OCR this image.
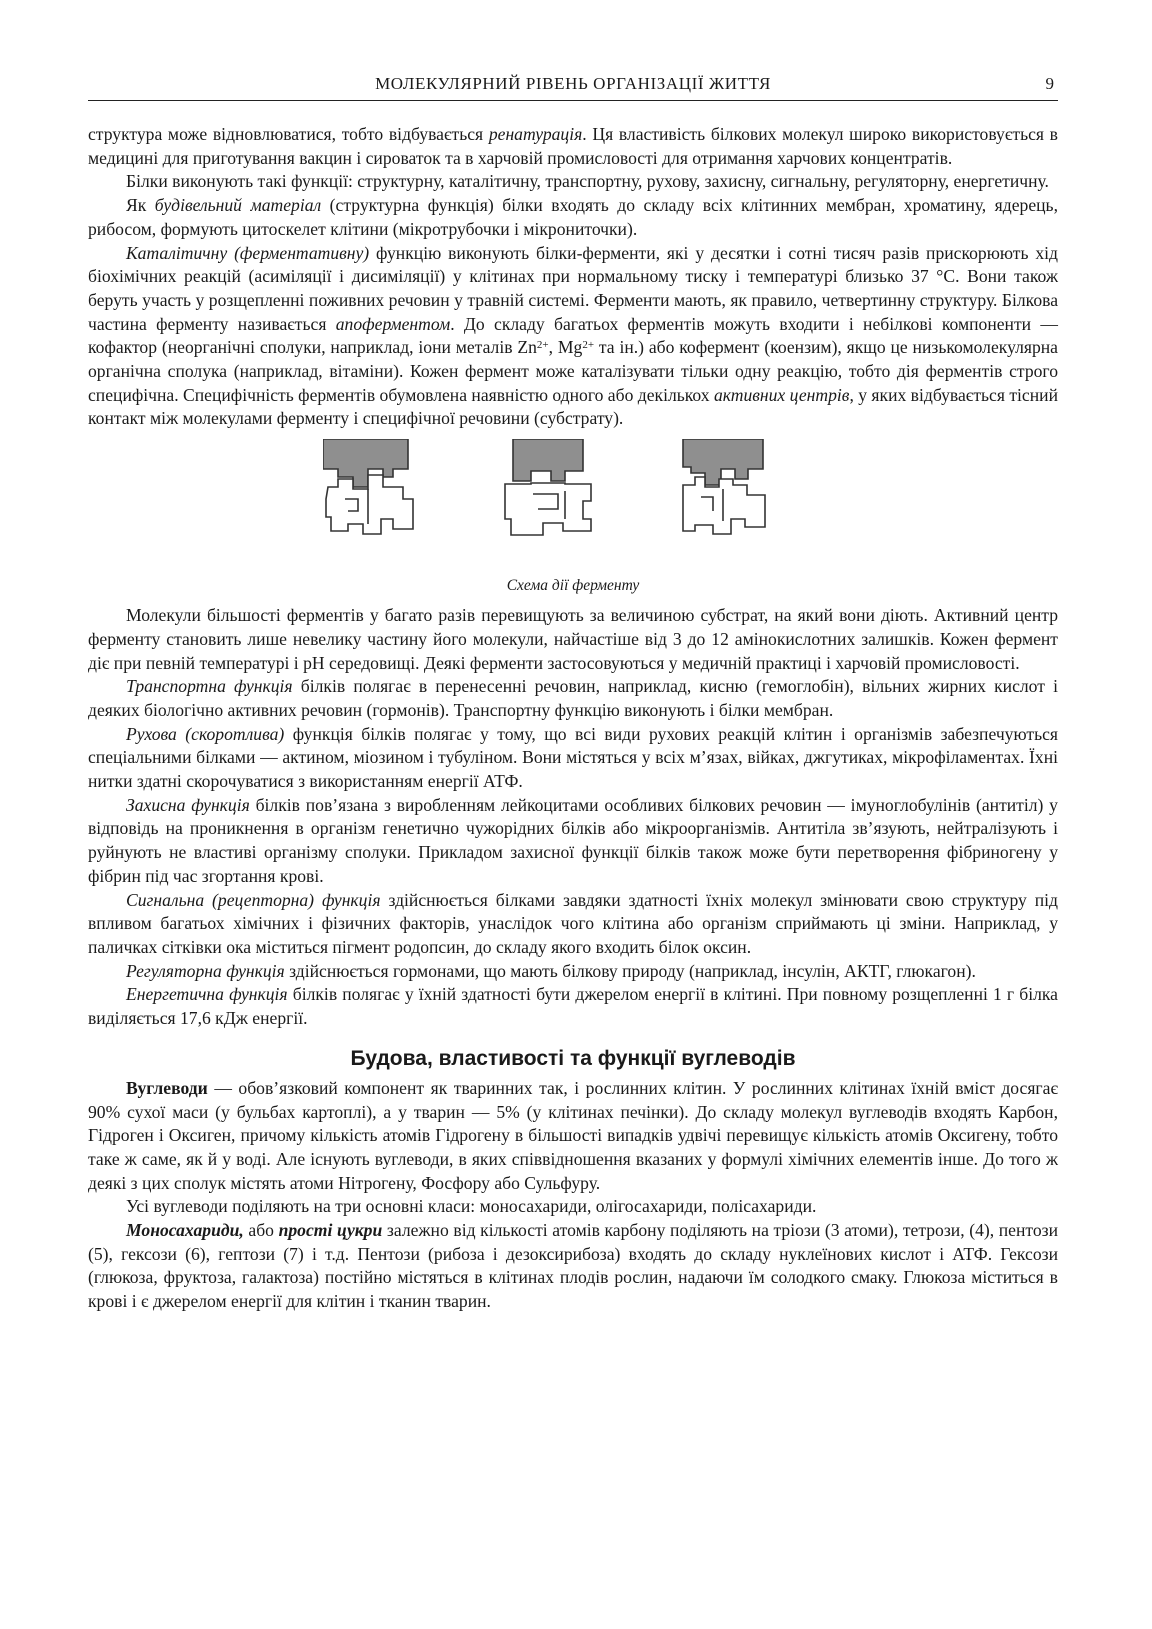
МОЛЕКУЛЯРНИЙ РІВЕНЬ ОРГАНІЗАЦІЇ ЖИТТЯ	9

структура може відновлюватися, тобто відбувається ренатурація. Ця властивість білкових молекул широко використовується в медицині для приготування вакцин і сироваток та в харчовій промисловості для отримання харчових концентратів.

Білки виконують такі функції: структурну, каталітичну, транспортну, рухову, захисну, сигнальну, регуляторну, енергетичну.

Як будівельний матеріал (структурна функція) білки входять до складу всіх клітинних мембран, хроматину, ядерець, рибосом, формують цитоскелет клітини (мікротрубочки і мікрониточки).

Каталітичну (ферментативну) функцію виконують білки-ферменти, які у десятки і сотні тисяч разів прискорюють хід біохімічних реакцій (асиміляції і дисиміляції) у клітинах при нормальному тиску і температурі близько 37 °С. Вони також беруть участь у розщепленні поживних речовин у травній системі. Ферменти мають, як правило, четвертинну структуру. Білкова частина ферменту називається апоферментом. До складу багатьох ферментів можуть входити і небілкові компоненти — кофактор (неорганічні сполуки, наприклад, іони металів $Zn^{2+}$, $Mg^{2+}$ та ін.) або кофермент (коензим), якщо це низькомолекулярна органічна сполука (наприклад, вітаміни). Кожен фермент може каталізувати тільки одну реакцію, тобто дія ферментів строго специфічна. Специфічність ферментів обумовлена наявністю одного або декількох активних центрів, у яких відбувається тісний контакт між молекулами ферменту і специфічної речовини (субстрату).

Схема дії ферменту

Молекули більшості ферментів у багато разів перевищують за величиною субстрат, на який вони діють. Активний центр ферменту становить лише невелику частину його молекули, найчастіше від 3 до 12 амінокислотних залишків. Кожен фермент діє при певній температурі і рН середовищі. Деякі ферменти застосовуються у медичній практиці і харчовій промисловості.

Транспортна функція білків полягає в перенесенні речовин, наприклад, кисню (гемоглобін), вільних жирних кислот і деяких біологічно активних речовин (гормонів). Транспортну функцію виконують і білки мембран.

Рухова (скоротлива) функція білків полягає у тому, що всі види рухових реакцій клітин і організмів забезпечуються спеціальними білками — актином, міозином і тубуліном. Вони містяться у всіх м’язах, війках, джгутиках, мікрофіламентах. Їхні нитки здатні скорочуватися з використанням енергії АТФ.

Захисна функція білків пов’язана з виробленням лейкоцитами особливих білкових речовин — імуноглобулінів (антитіл) у відповідь на проникнення в організм генетично чужорідних білків або мікроорганізмів. Антитіла зв’язують, нейтралізують і руйнують не властиві організму сполуки. Прикладом захисної функції білків також може бути перетворення фібриногену у фібрин під час згортання крові.

Сигнальна (рецепторна) функція здійснюється білками завдяки здатності їхніх молекул змінювати свою структуру під впливом багатьох хімічних і фізичних факторів, унаслідок чого клітина або організм сприймають ці зміни. Наприклад, у паличках сітківки ока міститься пігмент родопсин, до складу якого входить білок оксин.

Регуляторна функція здійснюється гормонами, що мають білкову природу (наприклад, інсулін, АКТГ, глюкагон).

Енергетична функція білків полягає у їхній здатності бути джерелом енергії в клітині. При повному розщепленні 1 г білка виділяється 17,6 кДж енергії.

Будова, властивості та функції вуглеводів

Вуглеводи — обов’язковий компонент як тваринних так, і рослинних клітин. У рослинних клітинах їхній вміст досягає 90% сухої маси (у бульбах картоплі), а у тварин — 5% (у клітинах печінки). До складу молекул вуглеводів входять Карбон, Гідроген і Оксиген, причому кількість атомів Гідрогену в більшості випадків удвічі перевищує кількість атомів Оксигену, тобто таке ж саме, як й у воді. Але існують вуглеводи, в яких співвідношення вказаних у формулі хімічних елементів інше. До того ж деякі з цих сполук містять атоми Нітрогену, Фосфору або Сульфуру.

Усі вуглеводи поділяють на три основні класи: моносахариди, олігосахариди, полісахариди.

Моносахариди, або прості цукри залежно від кількості атомів карбону поділяють на тріози (3 атоми), тетрози, (4), пентози (5), гексози (6), гептози (7) і т.д. Пентози (рибоза і дезоксирибоза) входять до складу нуклеїнових кислот і АТФ. Гексози (глюкоза, фруктоза, галактоза) постійно містяться в клітинах плодів рослин, надаючи їм солодкого смаку. Глюкоза міститься в крові і є джерелом енергії для клітин і тканин тварин.
